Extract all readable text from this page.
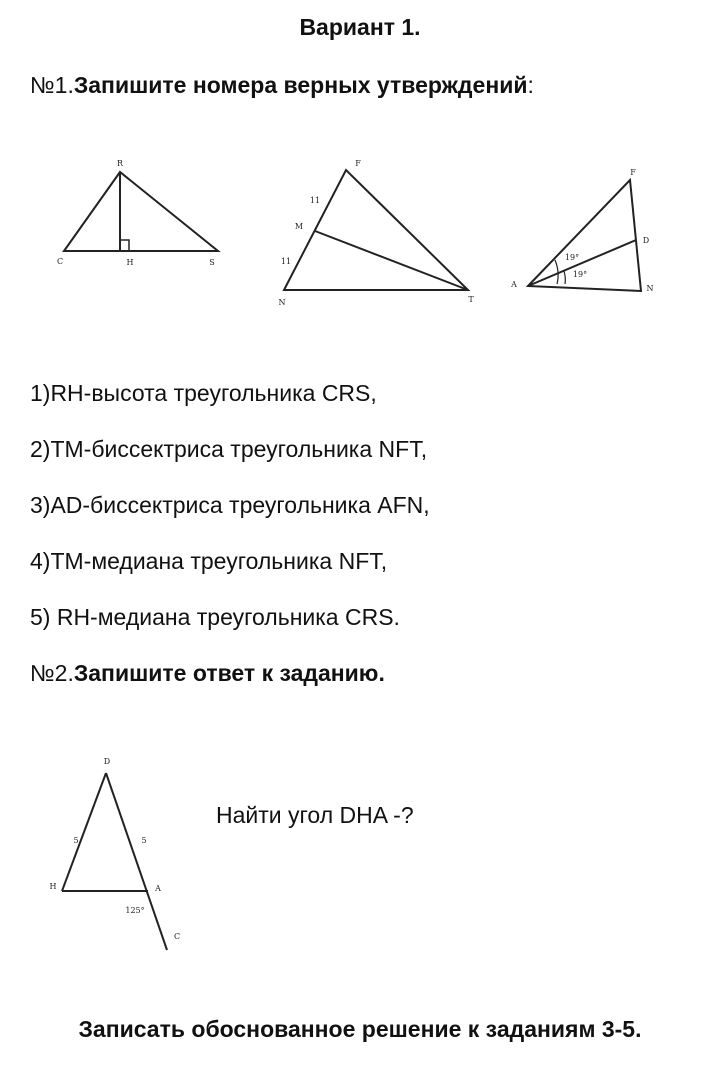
Вариант 1.
№1.Запишите номера верных утверждений:
R
C	H	S
F
M
N	T
11
11
F
D
A	N
19°
19°
1)RH-высота треугольника CRS,
2)TM-биссектриса треугольника NFT,
3)AD-биссектриса треугольника AFN,
4)TM-медиана треугольника NFT,
5) RH-медиана треугольника CRS.
№2.Запишите ответ к заданию.
D
H	A
C
5	5
125°
Найти угол DHA -?
Записать обоснованное решение к заданиям 3-5.
